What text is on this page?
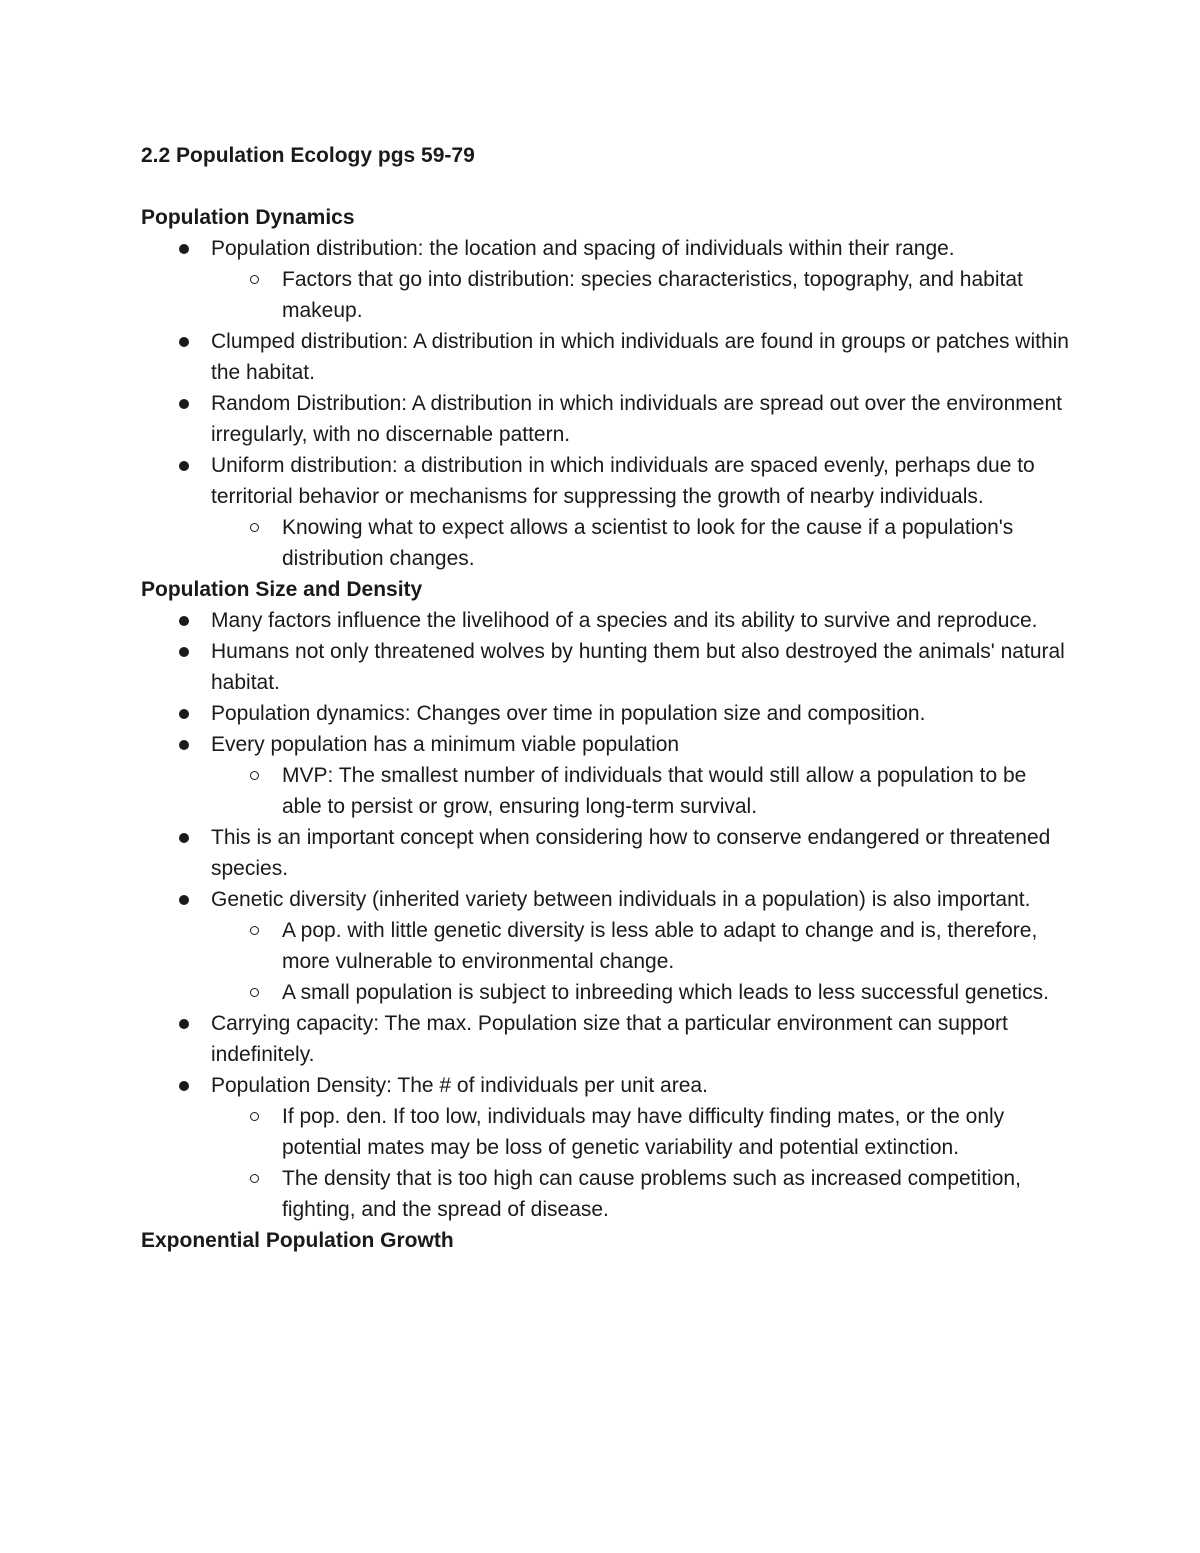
2.2 Population Ecology pgs 59-79
Population Dynamics
Population distribution: the location and spacing of individuals within their range.
Factors that go into distribution: species characteristics, topography, and habitat makeup.
Clumped distribution: A distribution in which individuals are found in groups or patches within the habitat.
Random Distribution: A distribution in which individuals are spread out over the environment irregularly, with no discernable pattern.
Uniform distribution: a distribution in which individuals are spaced evenly, perhaps due to territorial behavior or mechanisms for suppressing the growth of nearby individuals.
Knowing what to expect allows a scientist to look for the cause if a population's distribution changes.
Population Size and Density
Many factors influence the livelihood of a species and its ability to survive and reproduce.
Humans not only threatened wolves by hunting them but also destroyed the animals' natural habitat.
Population dynamics: Changes over time in population size and composition.
Every population has a minimum viable population
MVP: The smallest number of individuals that would still allow a population to be able to persist or grow, ensuring long-term survival.
This is an important concept when considering how to conserve endangered or threatened species.
Genetic diversity (inherited variety between individuals in a population) is also important.
A pop. with little genetic diversity is less able to adapt to change and is, therefore, more vulnerable to environmental change.
A small population is subject to inbreeding which leads to less successful genetics.
Carrying capacity: The max. Population size that a particular environment can support indefinitely.
Population Density: The # of individuals per unit area.
If pop. den. If too low, individuals may have difficulty finding mates, or the only potential mates may be loss of genetic variability and potential extinction.
The density that is too high can cause problems such as increased competition, fighting, and the spread of disease.
Exponential Population Growth
